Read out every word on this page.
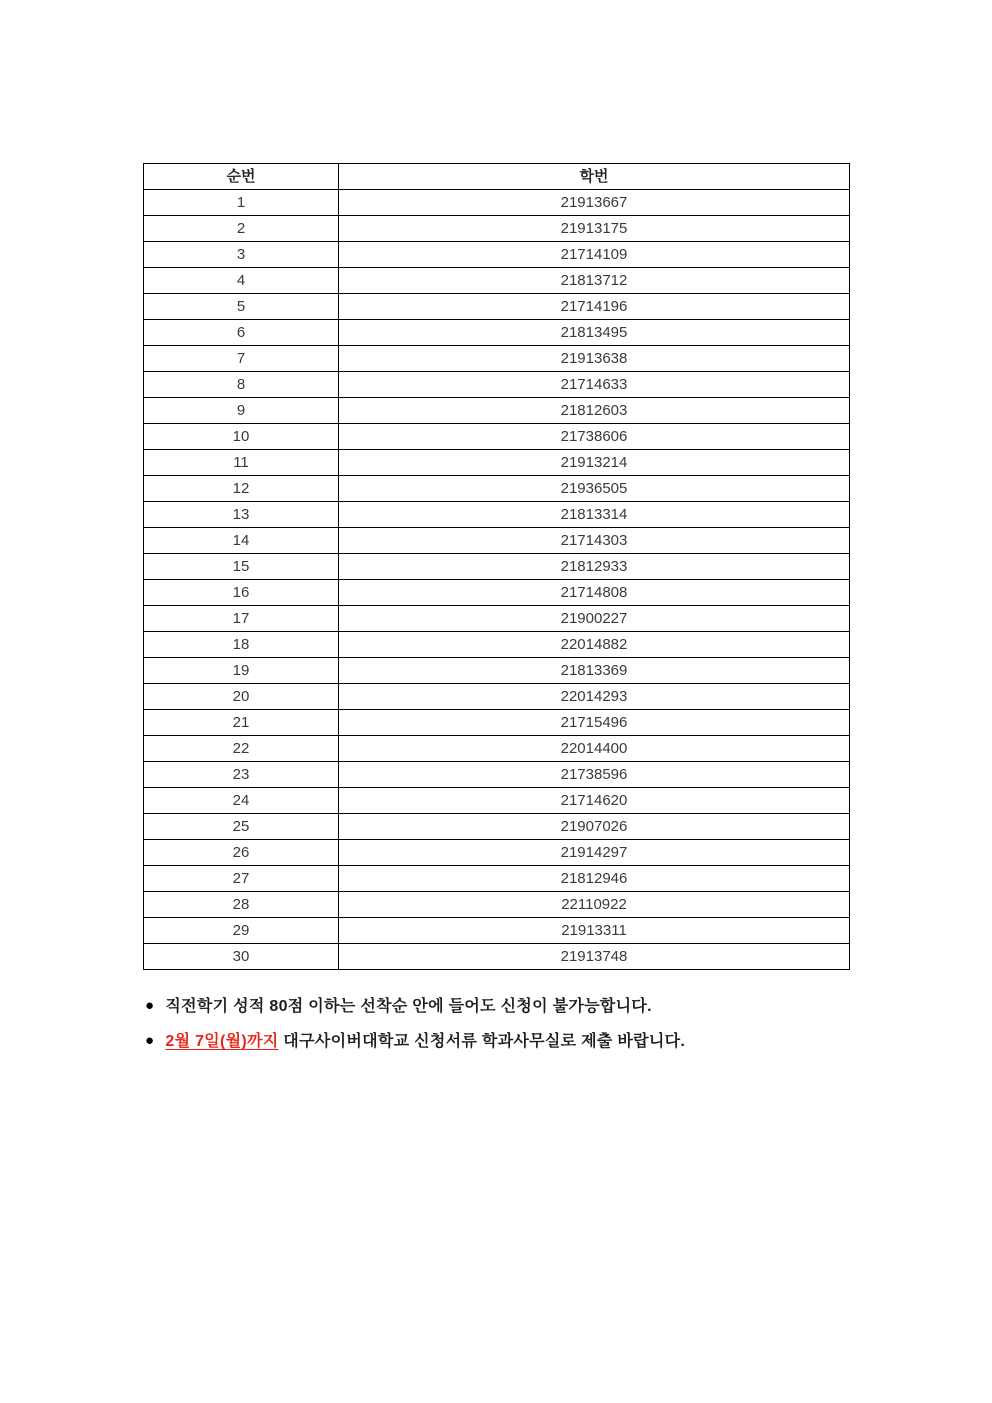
순번	학번
1	21913667
2	21913175
3	21714109
4	21813712
5	21714196
6	21813495
7	21913638
8	21714633
9	21812603
10	21738606
11	21913214
12	21936505
13	21813314
14	21714303
15	21812933
16	21714808
17	21900227
18	22014882
19	21813369
20	22014293
21	21715496
22	22014400
23	21738596
24	21714620
25	21907026
26	21914297
27	21812946
28	22110922
29	21913311
30	21913748
● 직전학기 성적 80점 이하는 선착순 안에 들어도 신청이 불가능합니다.
● 2월 7일(월)까지 대구사이버대학교 신청서류 학과사무실로 제출 바랍니다.
